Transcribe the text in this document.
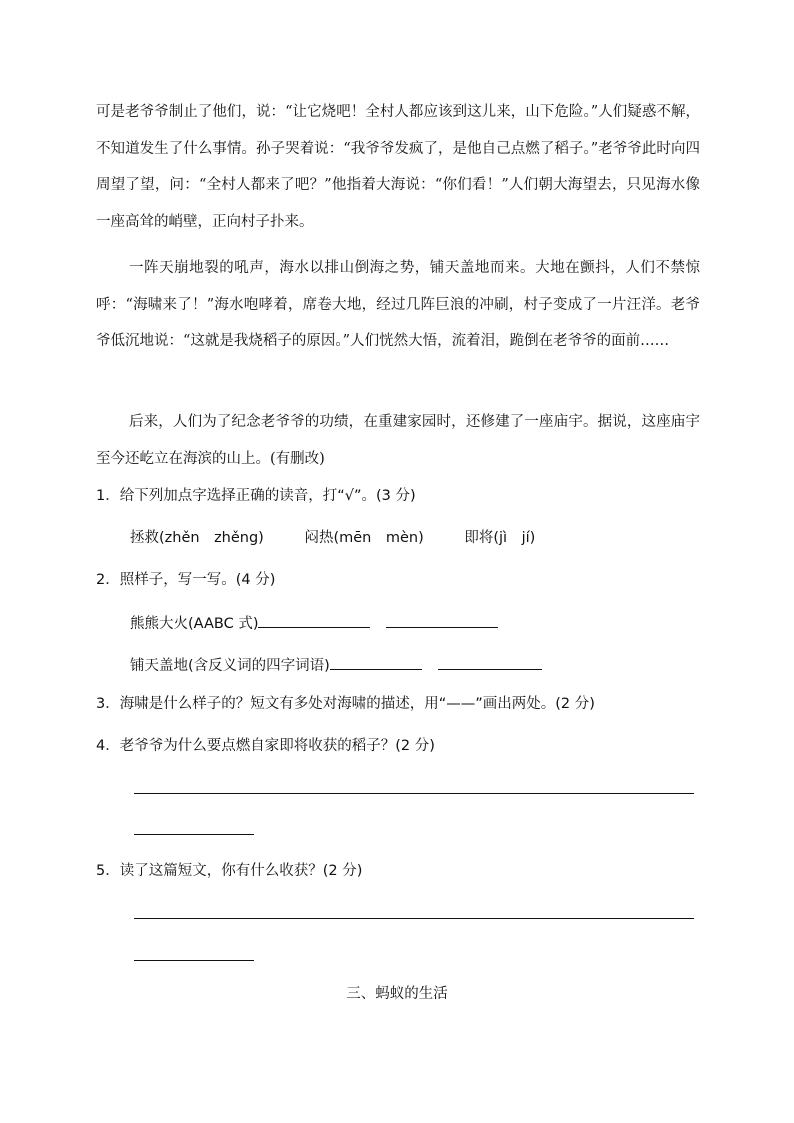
可是老爷爷制止了他们，说：“让它烧吧！全村人都应该到这儿来，山下危险。”人们疑惑不解，不知道发生了什么事情。孙子哭着说：“我爷爷发疯了，是他自己点燃了稻子。”老爷爷此时向四周望了望，问：“全村人都来了吧？”他指着大海说：“你们看！”人们朝大海望去，只见海水像一座高耸的峭壁，正向村子扑来。

一阵天崩地裂的吼声，海水以排山倒海之势，铺天盖地而来。大地在颤抖，人们不禁惊呼：“海啸来了！”海水咆哮着，席卷大地，经过几阵巨浪的冲刷，村子变成了一片汪洋。老爷爷低沉地说：“这就是我烧稻子的原因。”人们恍然大悟，流着泪，跪倒在老爷爷的面前……

后来，人们为了纪念老爷爷的功绩，在重建家园时，还修建了一座庙宇。据说，这座庙宇至今还屹立在海滨的山上。(有删改)

1．给下列加点字选择正确的读音，打“√”。(3 分)

拯救(zhěn　zhěng)	闷热(mēn　mèn)	即将(jì　jí)

2．照样子，写一写。(4 分)

熊熊大火(AABC 式)

铺天盖地(含反义词的四字词语)

3．海啸是什么样子的？短文有多处对海啸的描述，用“——”画出两处。(2 分)

4．老爷爷为什么要点燃自家即将收获的稻子？(2 分)

5．读了这篇短文，你有什么收获？(2 分)

三、蚂蚁的生活
